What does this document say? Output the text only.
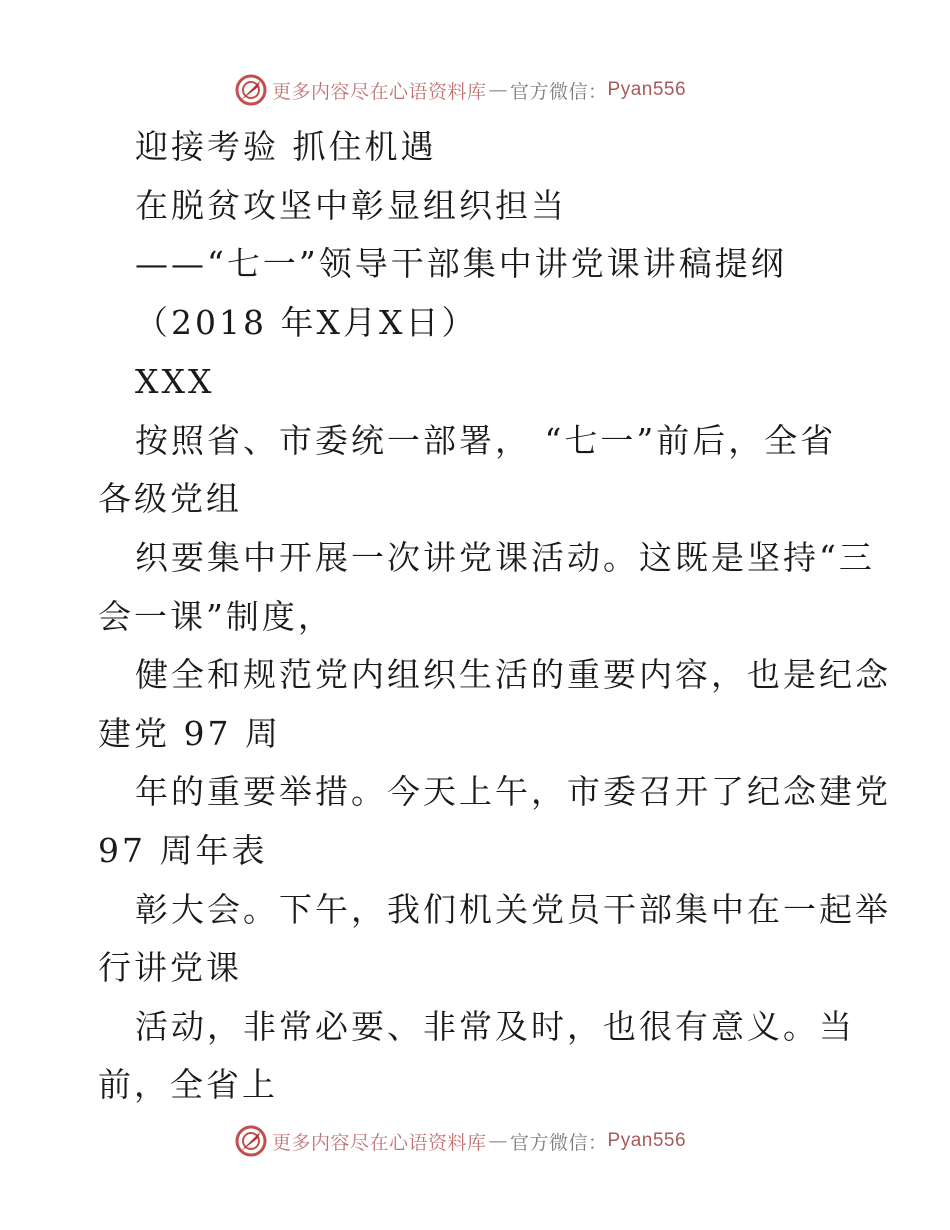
更多内容尽在心语资料库 — 官方微信： Pyan556
迎接考验 抓住机遇
在脱贫攻坚中彰显组织担当
——“七一”领导干部集中讲党课讲稿提纲
（2018 年X月X日）
XXX
按照省、市委统一部署， “七一”前后，全省
各级党组
织要集中开展一次讲党课活动。这既是坚持“三
会一课”制度，
健全和规范党内组织生活的重要内容，也是纪念
建党 97 周
年的重要举措。今天上午，市委召开了纪念建党
97 周年表
彰大会。下午，我们机关党员干部集中在一起举
行讲党课
活动，非常必要、非常及时，也很有意义。当
前，全省上
更多内容尽在心语资料库 — 官方微信： Pyan556
